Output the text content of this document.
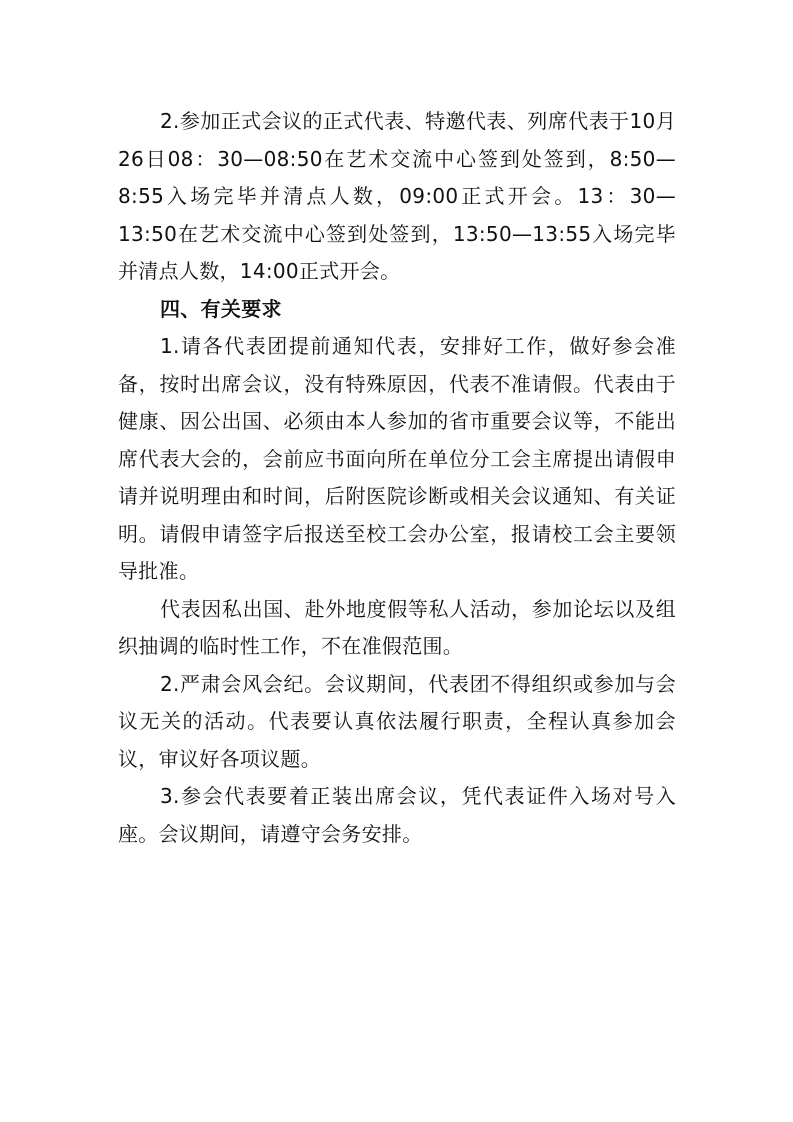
2.参加正式会议的正式代表、特邀代表、列席代表于10月26日08：30—08:50在艺术交流中心签到处签到，8:50—8:55入场完毕并清点人数，09:00正式开会。13：30—13:50在艺术交流中心签到处签到，13:50—13:55入场完毕并清点人数，14:00正式开会。

四、有关要求

1.请各代表团提前通知代表，安排好工作，做好参会准备，按时出席会议，没有特殊原因，代表不准请假。代表由于健康、因公出国、必须由本人参加的省市重要会议等，不能出席代表大会的，会前应书面向所在单位分工会主席提出请假申请并说明理由和时间，后附医院诊断或相关会议通知、有关证明。请假申请签字后报送至校工会办公室，报请校工会主要领导批准。

代表因私出国、赴外地度假等私人活动，参加论坛以及组织抽调的临时性工作，不在准假范围。

2.严肃会风会纪。会议期间，代表团不得组织或参加与会议无关的活动。代表要认真依法履行职责，全程认真参加会议，审议好各项议题。

3.参会代表要着正装出席会议，凭代表证件入场对号入座。会议期间，请遵守会务安排。
